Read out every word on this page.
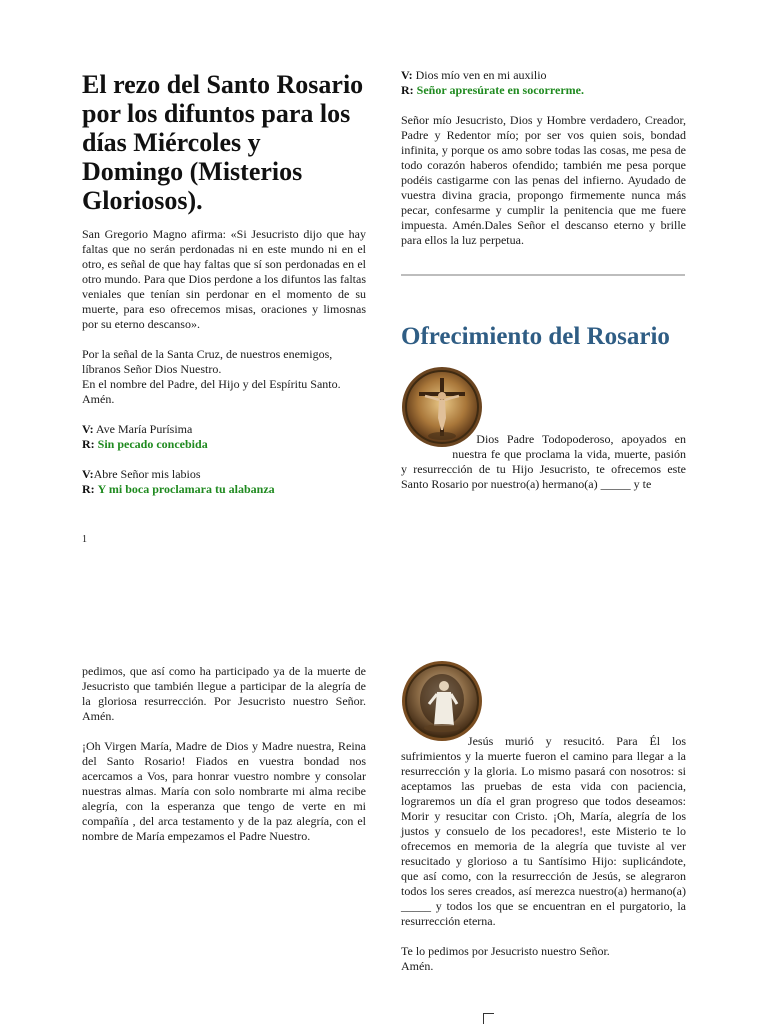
El rezo del Santo Rosario por los difuntos para los días Miércoles y Domingo (Misterios Gloriosos).

San Gregorio Magno afirma: «Si Jesucristo dijo que hay faltas que no serán perdonadas ni en este mundo ni en el otro, es señal de que hay faltas que sí son perdonadas en el otro mundo. Para que Dios perdone a los difuntos las faltas veniales que tenían sin perdonar en el momento de su muerte, para eso ofrecemos misas, oraciones y limosnas por su eterno descanso».

Por la señal de la Santa Cruz, de nuestros enemigos, líbranos Señor Dios Nuestro.

En el nombre del Padre, del Hijo y del Espíritu Santo. Amén.

V: Ave María Purísima

R: Sin pecado concebida

V:Abre Señor mis labios

R: Y mi boca proclamara tu alabanza

V: Dios mío ven en mi auxilio

R: Señor apresúrate en socorrerme.

Señor mío Jesucristo, Dios y Hombre verdadero, Creador, Padre y Redentor mío; por ser vos quien sois, bondad infinita, y porque os amo sobre todas las cosas, me pesa de todo corazón haberos ofendido; también me pesa porque podéis castigarme con las penas del infierno. Ayudado de vuestra divina gracia, propongo firmemente nunca más pecar, confesarme y cumplir la penitencia que me fuere impuesta. Amén.Dales Señor el descanso eterno y brille para ellos la luz perpetua.

Ofrecimiento del Rosario

Dios Padre Todopoderoso, apoyados en nuestra fe que proclama la vida, muerte, pasión y resurrección de tu Hijo Jesucristo, te ofrecemos este Santo Rosario por nuestro(a) hermano(a) _____ y te

1

pedimos, que así como ha participado ya de la muerte de Jesucristo que también llegue a participar de la alegría de la gloriosa resurrección. Por Jesucristo nuestro Señor. Amén.

¡Oh Virgen María, Madre de Dios y Madre nuestra, Reina del Santo Rosario! Fiados en vuestra bondad nos acercamos a Vos, para honrar vuestro nombre y consolar nuestras almas. María con solo nombrarte mi alma recibe alegría, con la esperanza que tengo de verte en mi compañía , del arca testamento y de la paz alegría, con el nombre de María empezamos el Padre Nuestro.

Jesús murió y resucitó. Para Él los sufrimientos y la muerte fueron el camino para llegar a la resurrección y la gloria. Lo mismo pasará con nosotros: si aceptamos las pruebas de esta vida con paciencia, lograremos un día el gran progreso que todos deseamos: Morir y resucitar con Cristo. ¡Oh, María, alegría de los justos y consuelo de los pecadores!, este Misterio te lo ofrecemos en memoria de la alegría que tuviste al ver resucitado y glorioso a tu Santísimo Hijo: suplicándote, que así como, con la resurrección de Jesús, se alegraron todos los seres creados, así merezca nuestro(a) hermano(a) _____ y todos los que se encuentran en el purgatorio, la resurrección eterna.

Te lo pedimos por Jesucristo nuestro Señor.

Amén.
